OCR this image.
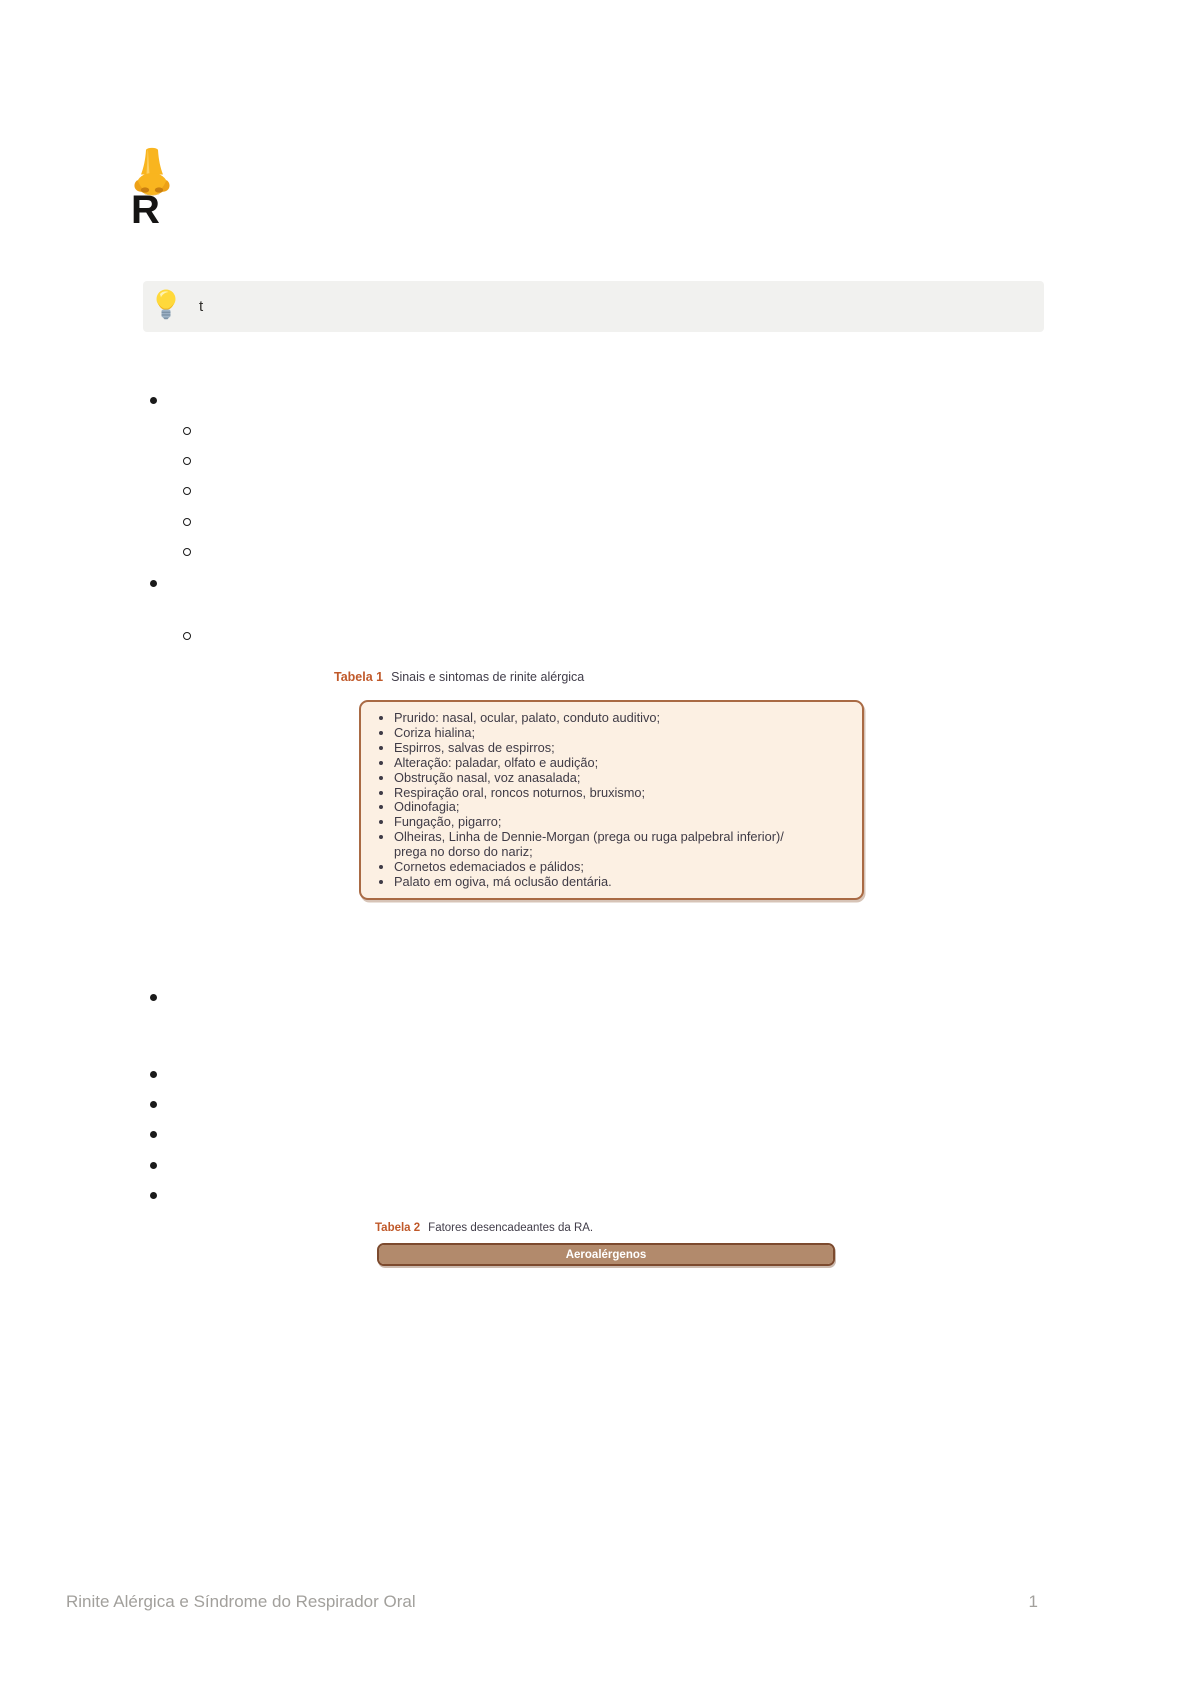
R
t
Tabela 1 Sinais e sintomas de rinite alérgica
• Prurido: nasal, ocular, palato, conduto auditivo;
• Coriza hialina;
• Espirros, salvas de espirros;
• Alteração: paladar, olfato e audição;
• Obstrução nasal, voz anasalada;
• Respiração oral, roncos noturnos, bruxismo;
• Odinofagia;
• Fungação, pigarro;
• Olheiras, Linha de Dennie-Morgan (prega ou ruga palpebral inferior)/
prega no dorso do nariz;
• Cornetos edemaciados e pálidos;
• Palato em ogiva, má oclusão dentária.
Tabela 2 Fatores desencadeantes da RA.
Aeroalérgenos
Rinite Alérgica e Síndrome do Respirador Oral	1
